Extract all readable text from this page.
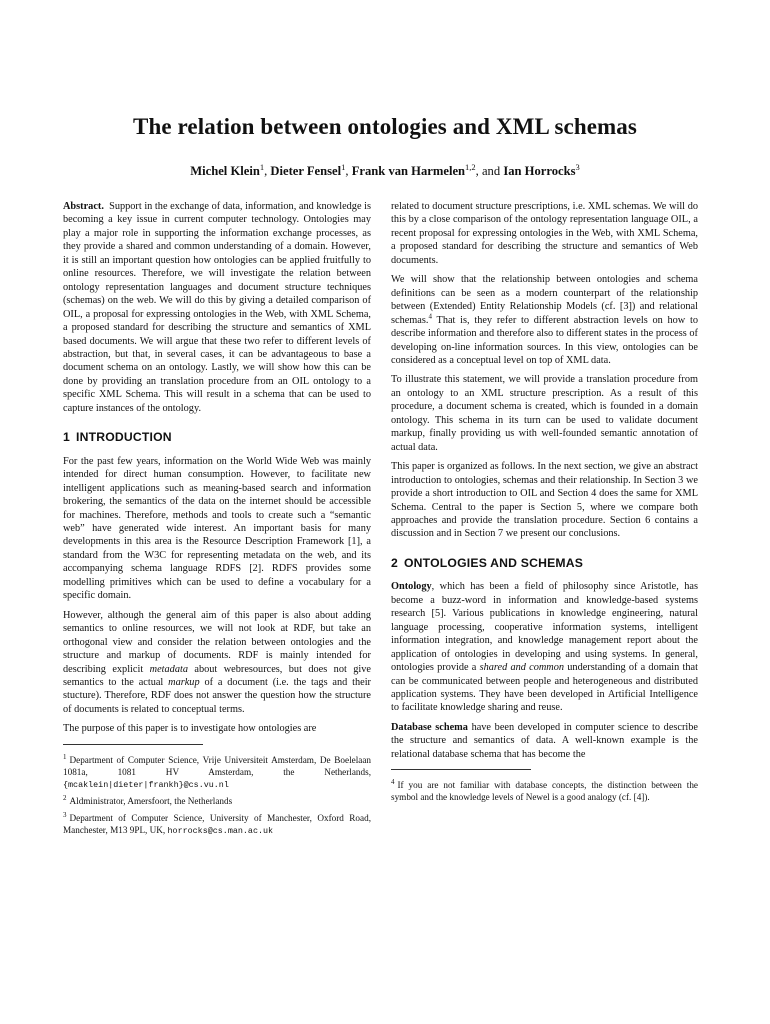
The relation between ontologies and XML schemas
Michel Klein$^1$, Dieter Fensel$^1$, Frank van Harmelen$^{1,2}$, and Ian Horrocks$^3$

Abstract. Support in the exchange of data, information, and knowledge is becoming a key issue in current computer technology. Ontologies may play a major role in supporting the information exchange processes, as they provide a shared and common understanding of a domain. However, it is still an important question how ontologies can be applied fruitfully to online resources. Therefore, we will investigate the relation between ontology representation languages and document structure techniques (schemas) on the web. We will do this by giving a detailed comparison of OIL, a proposal for expressing ontologies in the Web, with XML Schema, a proposed standard for describing the structure and semantics of XML based documents. We will argue that these two refer to different levels of abstraction, but that, in several cases, it can be advantageous to base a document schema on an ontology. Lastly, we will show how this can be done by providing an translation procedure from an OIL ontology to a specific XML Schema. This will result in a schema that can be used to capture instances of the ontology.

1 INTRODUCTION

For the past few years, information on the World Wide Web was mainly intended for direct human consumption. However, to facilitate new intelligent applications such as meaning-based search and information brokering, the semantics of the data on the internet should be accessible for machines. Therefore, methods and tools to create such a “semantic web” have generated wide interest. An important basis for many developments in this area is the Resource Description Framework [1], a standard from the W3C for representing metadata on the web, and its accompanying schema language RDFS [2]. RDFS provides some modelling primitives which can be used to define a vocabulary for a specific domain.

However, although the general aim of this paper is also about adding semantics to online resources, we will not look at RDF, but take an orthogonal view and consider the relation between ontologies and the structure and markup of documents. RDF is mainly intended for describing explicit metadata about webresources, but does not give semantics to the actual markup of a document (i.e. the tags and their stucture). Therefore, RDF does not answer the question how the structure of documents is related to conceptual terms.

The purpose of this paper is to investigate how ontologies are

$^1$ Department of Computer Science, Vrije Universiteit Amsterdam, De Boelelaan 1081a, 1081 HV Amsterdam, the Netherlands, {mcaklein|dieter|frankh}@cs.vu.nl
$^2$ Aldministrator, Amersfoort, the Netherlands
$^3$ Department of Computer Science, University of Manchester, Oxford Road, Manchester, M13 9PL, UK, horrocks@cs.man.ac.uk

related to document structure prescriptions, i.e. XML schemas. We will do this by a close comparison of the ontology representation language OIL, a recent proposal for expressing ontologies in the Web, with XML Schema, a proposed standard for describing the structure and semantics of Web documents.

We will show that the relationship between ontologies and schema definitions can be seen as a modern counterpart of the relationship between (Extended) Entity Relationship Models (cf. [3]) and relational schemas.$^4$ That is, they refer to different abstraction levels on how to describe information and therefore also to different states in the process of developing on-line information sources. In this view, ontologies can be considered as a conceptual level on top of XML data.

To illustrate this statement, we will provide a translation procedure from an ontology to an XML structure prescription. As a result of this procedure, a document schema is created, which is founded in a domain ontology. This schema in its turn can be used to validate document markup, finally providing us with well-founded semantic annotation of actual data.

This paper is organized as follows. In the next section, we give an abstract introduction to ontologies, schemas and their relationship. In Section 3 we provide a short introduction to OIL and Section 4 does the same for XML Schema. Central to the paper is Section 5, where we compare both approaches and provide the translation procedure. Section 6 contains a discussion and in Section 7 we present our conclusions.

2 ONTOLOGIES AND SCHEMAS

Ontology, which has been a field of philosophy since Aristotle, has become a buzz-word in information and knowledge-based systems research [5]. Various publications in knowledge engineering, natural language processing, cooperative information systems, intelligent information integration, and knowledge management report about the application of ontologies in developing and using systems. In general, ontologies provide a shared and common understanding of a domain that can be communicated between people and heterogeneous and distributed application systems. They have been developed in Artificial Intelligence to facilitate knowledge sharing and reuse.

Database schema have been developed in computer science to describe the structure and semantics of data. A well-known example is the relational database schema that has become the

$^4$ If you are not familiar with database concepts, the distinction between the symbol and the knowledge levels of Newel is a good analogy (cf. [4]).
